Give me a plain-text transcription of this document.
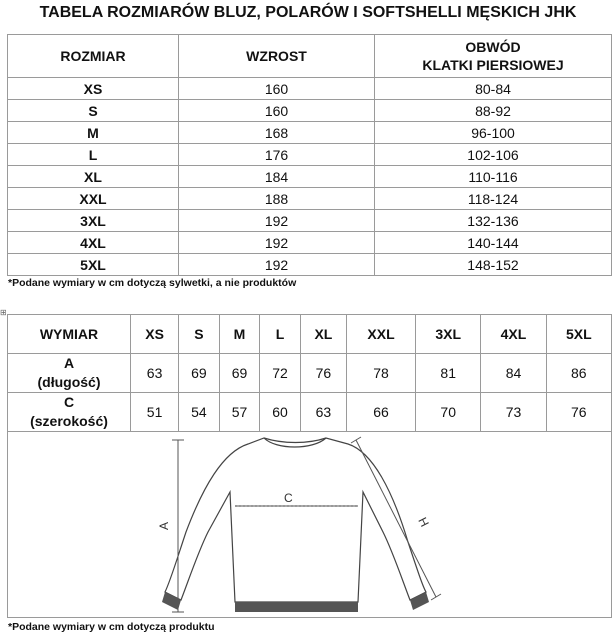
TABELA ROZMIARÓW BLUZ, POLARÓW I SOFTSHELLI MĘSKICH JHK
ROZMIAR	WZROST	OBWÓD
KLATKI PIERSIOWEJ

XS	160	80-84
S	160	88-92
M	168	96-100
L	176	102-106
XL	184	110-116
XXL	188	118-124
3XL	192	132-136
4XL	192	140-144
5XL	192	148-152
*Podane wymiary w cm dotyczą sylwetki, a nie produktów
⊞
WYMIAR	XS	S	M	L	XL	XXL	3XL	4XL	5XL

A
(długość)	63	69	69	72	76	78	81	84	86

C
(szerokość)	51	54	57	60	63	66	70	73	76
A
C
H
*Podane wymiary w cm dotyczą produktu
